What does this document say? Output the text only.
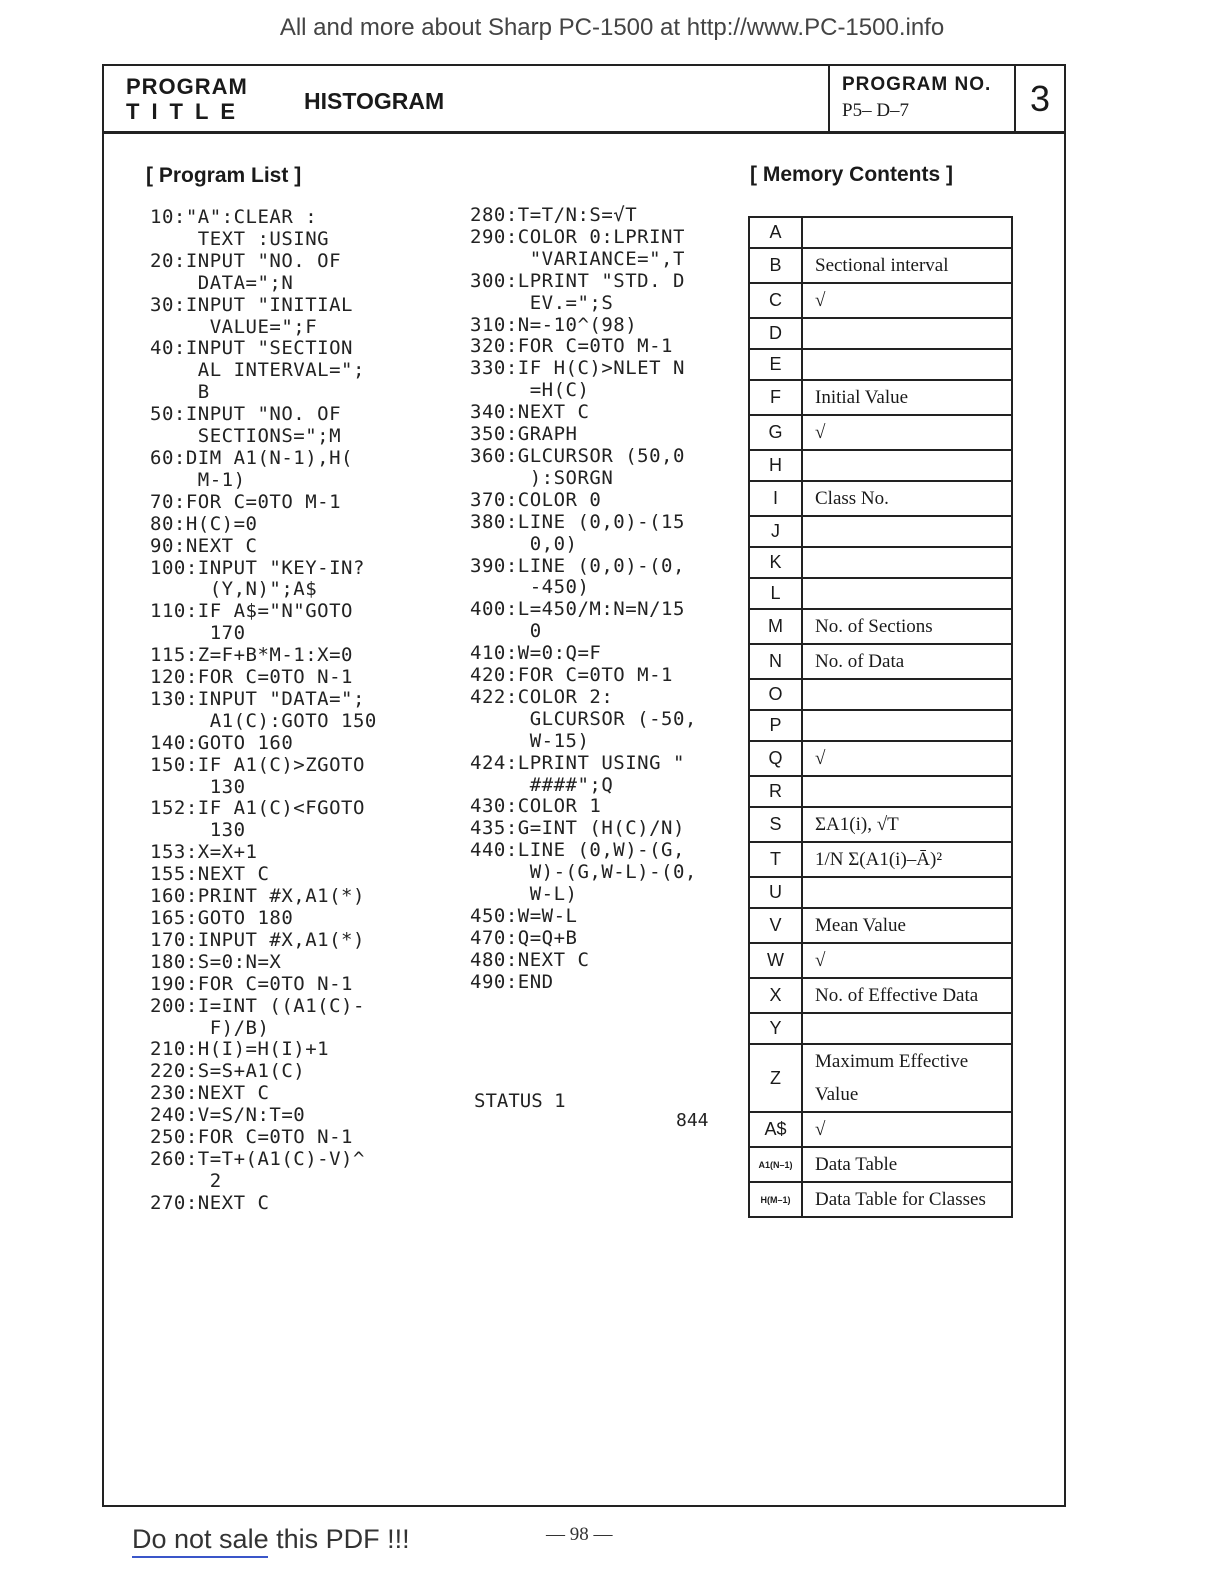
All and more about Sharp PC-1500 at http://www.PC-1500.info
PROGRAM
TITLE HISTOGRAM
PROGRAM NO.
P5– D–7	3
[ Program List ]	[ Memory Contents ]
10:"A":CLEAR :
TEXT :USING
20:INPUT "NO. OF
DATA=";N
30:INPUT "INITIAL
VALUE=";F
40:INPUT "SECTION
AL INTERVAL=";
B
50:INPUT "NO. OF
SECTIONS=";M
60:DIM A1(N-1),H(
M-1)
70:FOR C=0TO M-1
80:H(C)=0
90:NEXT C
100:INPUT "KEY-IN?
(Y,N)";A$
110:IF A$="N"GOTO
170
115:Z=F+B*M-1:X=0
120:FOR C=0TO N-1
130:INPUT "DATA=";
A1(C):GOTO 150
140:GOTO 160
150:IF A1(C)>ZGOTO
130
152:IF A1(C)<FGOTO
130
153:X=X+1
155:NEXT C
160:PRINT #X,A1(*)
165:GOTO 180
170:INPUT #X,A1(*)
180:S=0:N=X
190:FOR C=0TO N-1
200:I=INT ((A1(C)-
F)/B)
210:H(I)=H(I)+1
220:S=S+A1(C)
230:NEXT C
240:V=S/N:T=0
250:FOR C=0TO N-1
260:T=T+(A1(C)-V)^
2
270:NEXT C
280:T=T/N:S=√T
290:COLOR 0:LPRINT
"VARIANCE=",T
300:LPRINT "STD. D
EV.=";S
310:N=-10^(98)
320:FOR C=0TO M-1
330:IF H(C)>NLET N
=H(C)
340:NEXT C
350:GRAPH
360:GLCURSOR (50,0
):SORGN
370:COLOR 0
380:LINE (0,0)-(15
0,0)
390:LINE (0,0)-(0,
-450)
400:L=450/M:N=N/15
0
410:W=0:Q=F
420:FOR C=0TO M-1
422:COLOR 2:
GLCURSOR (-50,
W-15)
424:LPRINT USING "
####";Q
430:COLOR 1
435:G=INT (H(C)/N)
440:LINE (0,W)-(G,
W)-(G,W-L)-(0,
W-L)
450:W=W-L
470:Q=Q+B
480:NEXT C
490:END
STATUS 1
844
A	
B	Sectional interval
C	√
D	
E	
F	Initial Value
G	√
H	
I	Class No.
J	
K	
L	
M	No. of Sections
N	No. of Data
O	
P	
Q	√
R	
S	ΣA1(i), √T
T	1/N Σ(A1(i)–Ā)²
U	
V	Mean Value
W	√
X	No. of Effective Data
Y	
Z	Maximum Effective Value
A$	√
A1(N–1)	Data Table
H(M–1)	Data Table for Classes
Do not sale this PDF !!!	— 98 —
